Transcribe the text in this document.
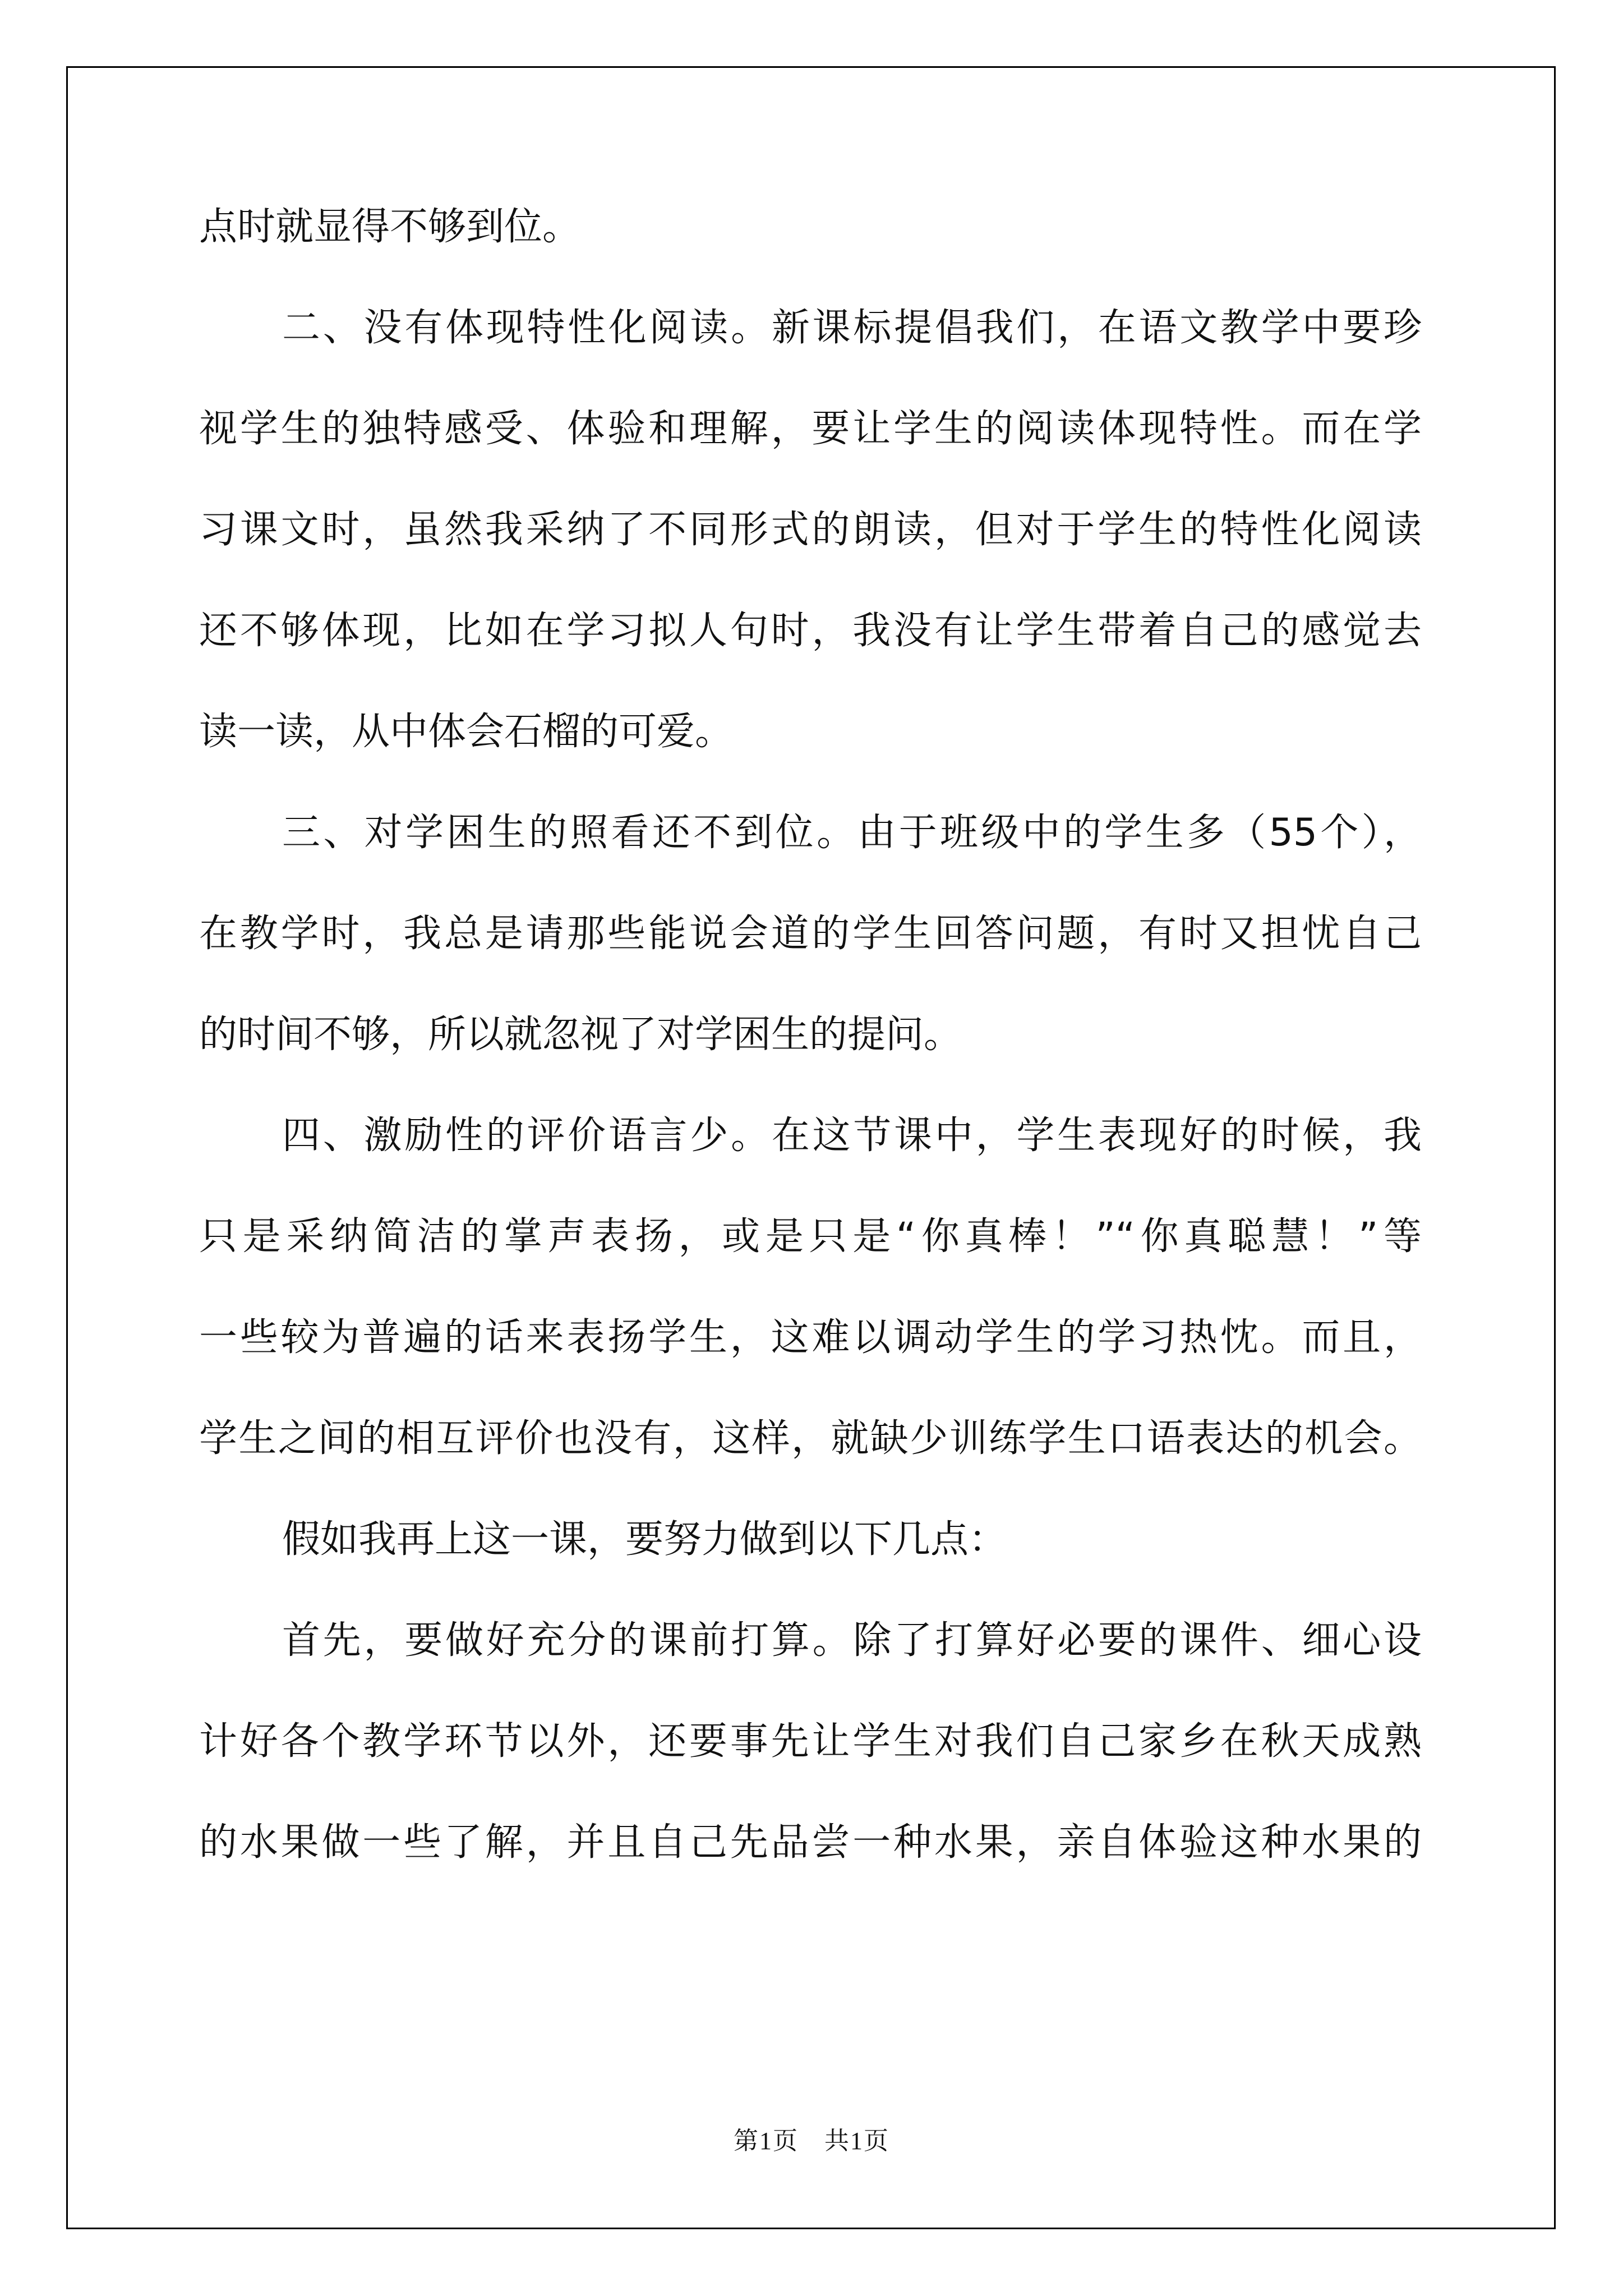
点时就显得不够到位。
二、没有体现特性化阅读。新课标提倡我们，在语文教学中要珍
视学生的独特感受、体验和理解，要让学生的阅读体现特性。而在学
习课文时，虽然我采纳了不同形式的朗读，但对于学生的特性化阅读
还不够体现，比如在学习拟人句时，我没有让学生带着自己的感觉去
读一读，从中体会石榴的可爱。
三、对学困生的照看还不到位。由于班级中的学生多（55个），
在教学时，我总是请那些能说会道的学生回答问题，有时又担忧自己
的时间不够，所以就忽视了对学困生的提问。
四、激励性的评价语言少。在这节课中，学生表现好的时候，我
只是采纳简洁的掌声表扬，或是只是“你真棒！”“你真聪慧！”等
一些较为普遍的话来表扬学生，这难以调动学生的学习热忱。而且，
学生之间的相互评价也没有，这样，就缺少训练学生口语表达的机会。
假如我再上这一课，要努力做到以下几点：
首先，要做好充分的课前打算。除了打算好必要的课件、细心设
计好各个教学环节以外，还要事先让学生对我们自己家乡在秋天成熟
的水果做一些了解，并且自己先品尝一种水果，亲自体验这种水果的
第1页　共1页
